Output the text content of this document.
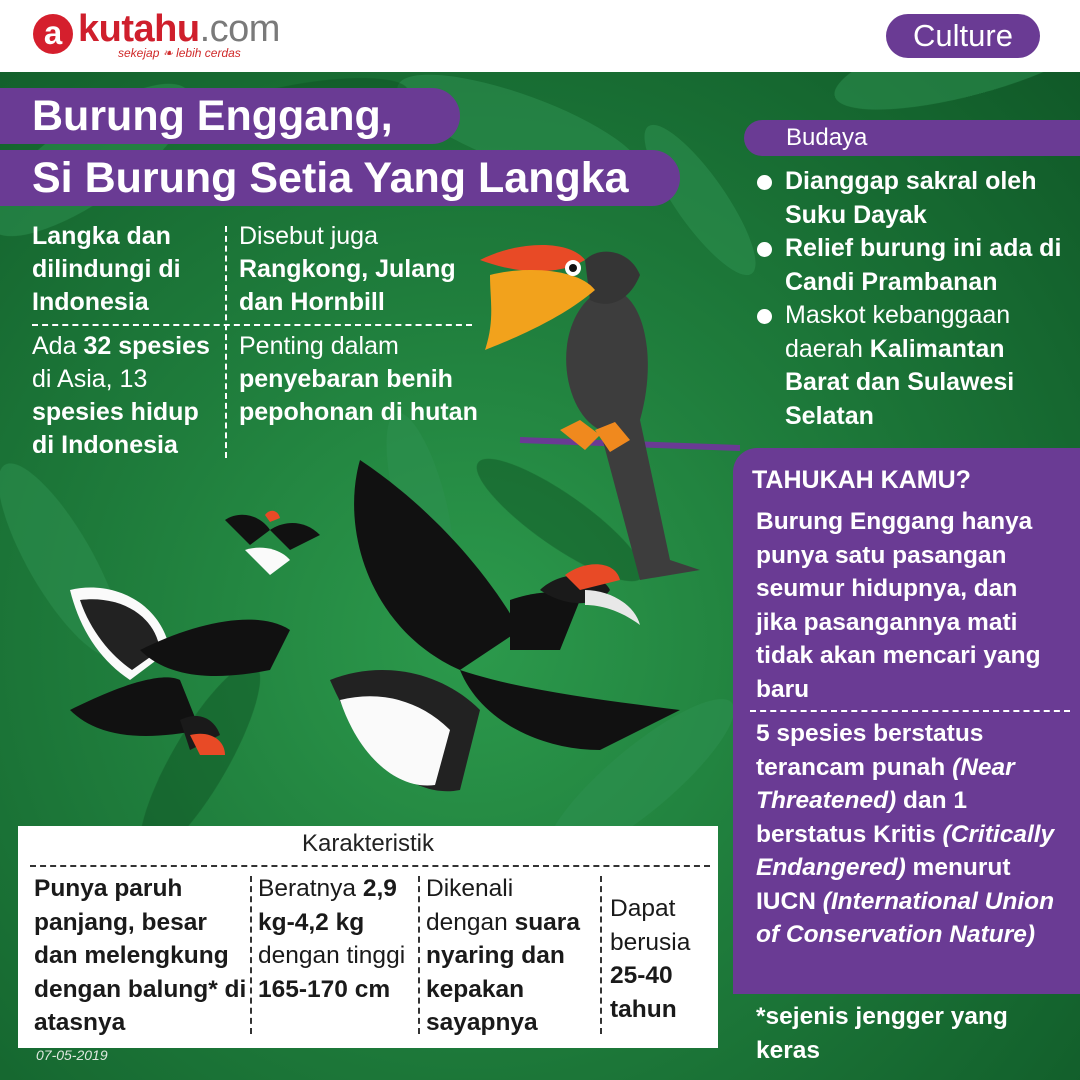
a kutahu.com
sekejap ❧ lebih cerdas	Culture
Burung Enggang,
Si Burung Setia Yang Langka
Langka dan dilindungi di Indonesia
Disebut juga
Rangkong, Julang dan Hornbill
Ada 32 spesies di Asia, 13 spesies hidup di Indonesia
Penting dalam
penyebaran benih pepohonan di hutan
Budaya
Dianggap sakral oleh Suku Dayak
Relief burung ini ada di Candi Prambanan
Maskot kebanggaan daerah Kalimantan Barat dan Sulawesi Selatan
TAHUKAH KAMU?
Burung Enggang hanya punya satu pasangan seumur hidupnya, dan jika pasangannya mati tidak akan mencari yang baru
5 spesies berstatus terancam punah (Near Threatened) dan 1 berstatus Kritis (Critically Endangered) menurut IUCN (International Union of Conservation Nature)
*sejenis jengger yang keras
Karakteristik
Punya paruh panjang, besar dan melengkung dengan balung* di atasnya
Beratnya 2,9 kg-4,2 kg dengan tinggi 165-170 cm
Dikenali dengan suara nyaring dan kepakan sayapnya
Dapat berusia 25-40 tahun
07-05-2019
